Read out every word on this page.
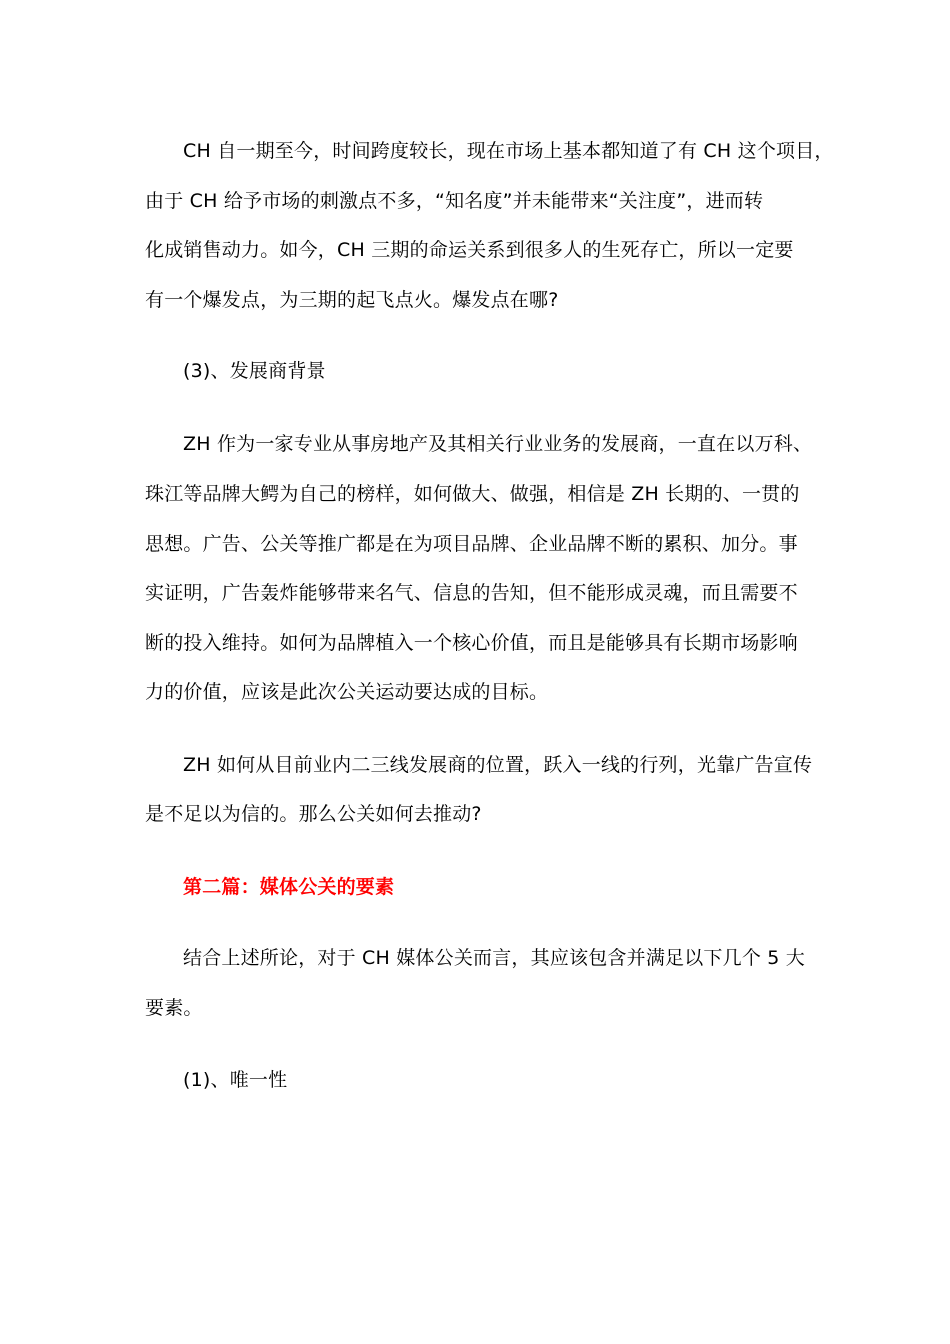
CH 自一期至今，时间跨度较长，现在市场上基本都知道了有 CH 这个项目，
由于 CH 给予市场的刺激点不多，“知名度”并未能带来“关注度”，进而转
化成销售动力。如今，CH 三期的命运关系到很多人的生死存亡，所以一定要
有一个爆发点，为三期的起飞点火。爆发点在哪?
(3)、发展商背景
ZH 作为一家专业从事房地产及其相关行业业务的发展商，一直在以万科、
珠江等品牌大鳄为自己的榜样，如何做大、做强，相信是 ZH 长期的、一贯的
思想。广告、公关等推广都是在为项目品牌、企业品牌不断的累积、加分。事
实证明，广告轰炸能够带来名气、信息的告知，但不能形成灵魂，而且需要不
断的投入维持。如何为品牌植入一个核心价值，而且是能够具有长期市场影响
力的价值，应该是此次公关运动要达成的目标。
ZH 如何从目前业内二三线发展商的位置，跃入一线的行列，光靠广告宣传
是不足以为信的。那么公关如何去推动?
第二篇：媒体公关的要素
结合上述所论，对于 CH 媒体公关而言，其应该包含并满足以下几个 5 大
要素。
(1)、唯一性
